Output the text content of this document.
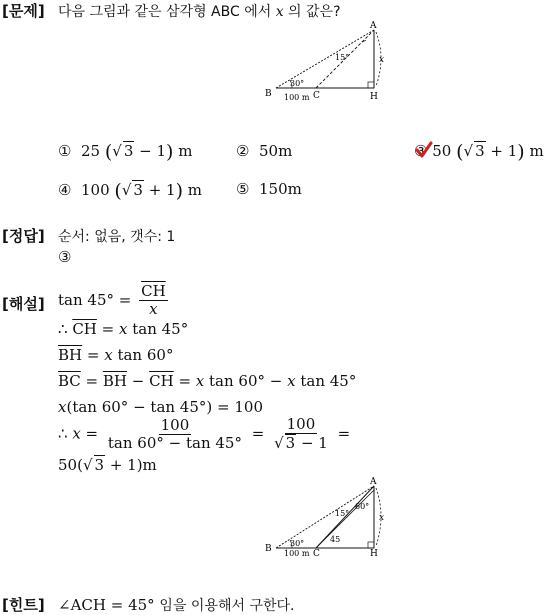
[문제] 다음 그림과 같은 삼각형 ABC 에서 x 의 값은?
A
B	C	H
x
30°
15°
100 m
①  25 (√ 3 − 1) m	②  50m	③
50 (√ 3 + 1) m
④  100 (√ 3 + 1) m ⑤  150m
[정답] 순서: 없음, 갯수: 1
③
[해설] $\tan 45^\circ = \frac{\overline{CH}}{x}$
∴ $\overline{CH} = x$ tan 45°
$\overline{BH} = x$ tan 60°
$\overline{BC} = \overline{BH} - \overline{CH} = x$ tan 60° − x tan 45°
x(tan 60° − tan 45°) = 100
∴ $x = \frac{100}{\tan 60^\circ - \tan 45^\circ} = \frac{100}{√ 3 - 1}$ =
50(√ 3 + 1)m
A
B	C	H
x
30°
15°
60°
45
100 m
[힌트] ∠ACH = 45° 임을 이용해서 구한다.
